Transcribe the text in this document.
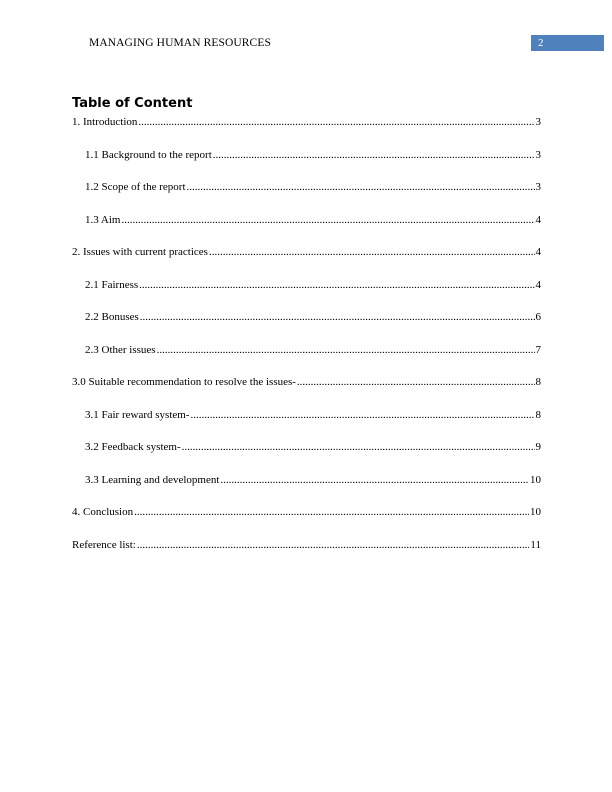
MANAGING HUMAN RESOURCES	2
Table of Content
1. Introduction .....	3
1.1 Background to the report .....	3
1.2 Scope of the report .....	3
1.3 Aim .....	4
2. Issues with current practices .....	4
2.1 Fairness .....	4
2.2 Bonuses .....	6
2.3 Other issues .....	7
3.0 Suitable recommendation to resolve the issues- .....	8
3.1 Fair reward system- .....	8
3.2 Feedback system- .....	9
3.3 Learning and development .....	10
4. Conclusion .....	10
Reference list: .....	11
